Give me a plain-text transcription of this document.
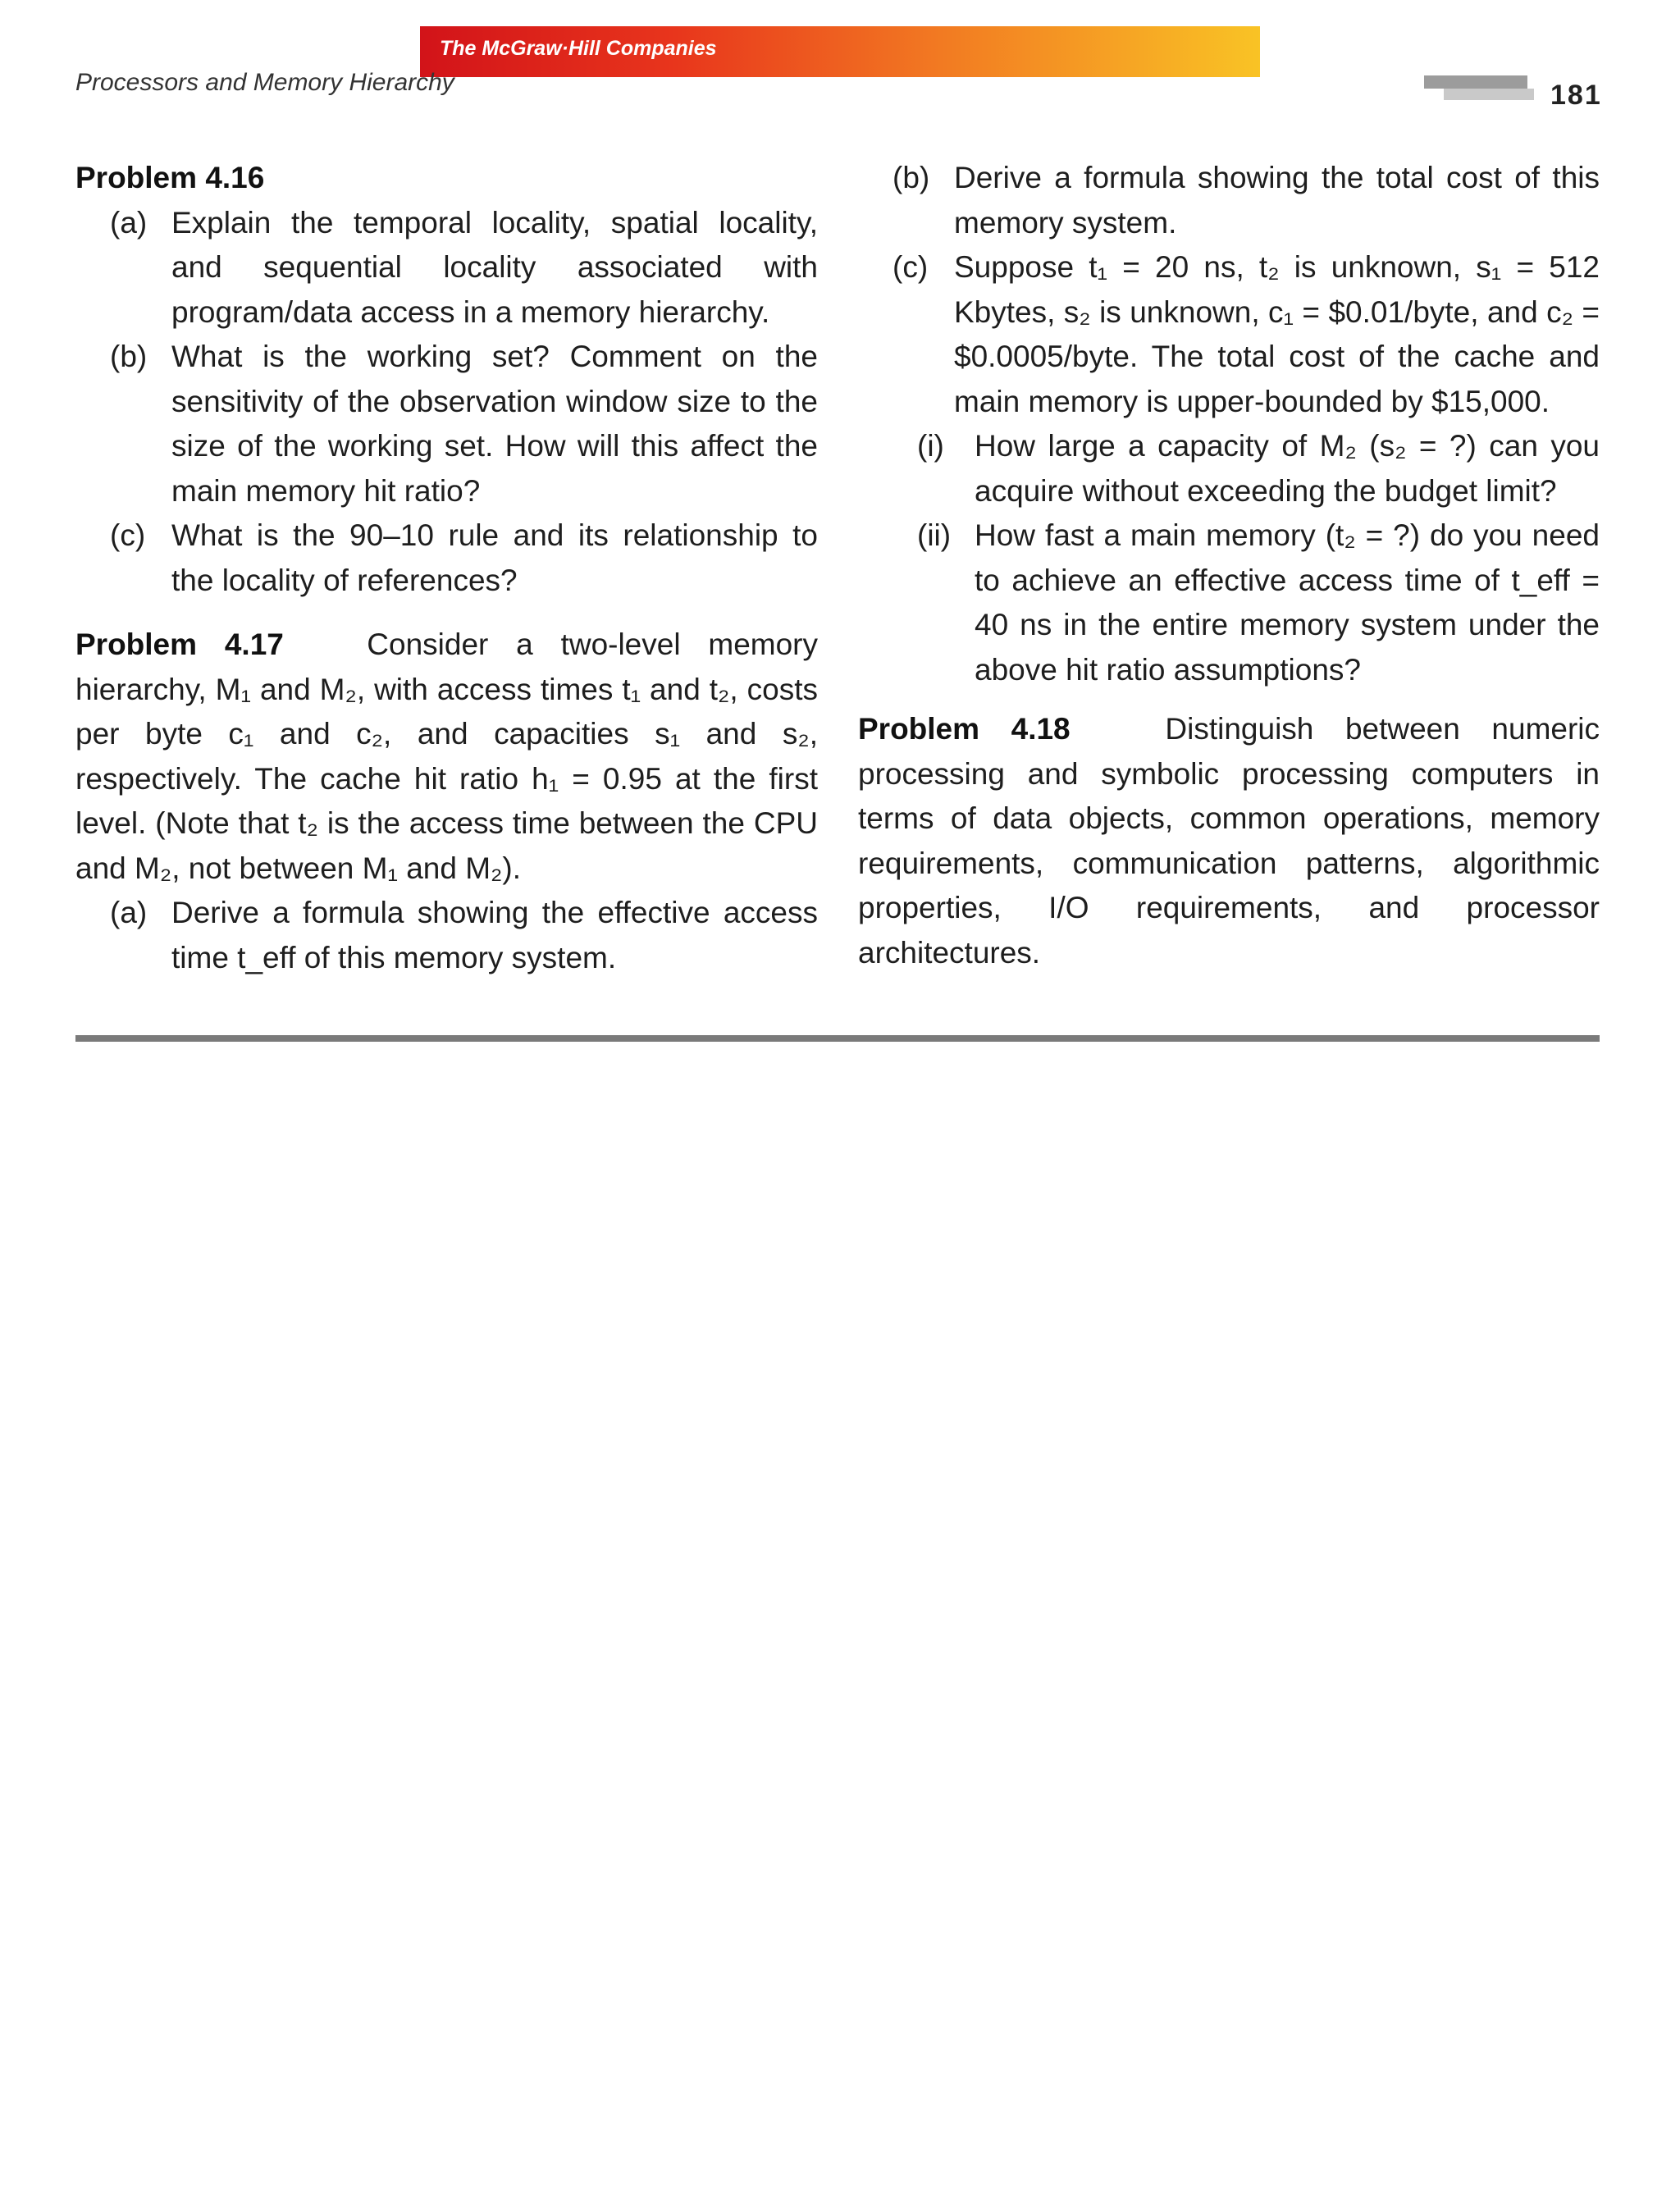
The McGraw·Hill Companies
Processors and Memory Hierarchy	181

Problem 4.16

(a) Explain the temporal locality, spatial locality, and sequential locality associated with program/data access in a memory hierarchy.

(b) What is the working set? Comment on the sensitivity of the observation window size to the size of the working set. How will this affect the main memory hit ratio?

(c) What is the 90–10 rule and its relationship to the locality of references?

Problem 4.17	Consider a two-level memory hierarchy, M₁ and M₂, with access times t₁ and t₂, costs per byte c₁ and c₂, and capacities s₁ and s₂, respectively. The cache hit ratio h₁ = 0.95 at the first level. (Note that t₂ is the access time between the CPU and M₂, not between M₁ and M₂).

(a) Derive a formula showing the effective access time t_eff of this memory system.

(b) Derive a formula showing the total cost of this memory system.

(c) Suppose t₁ = 20 ns, t₂ is unknown, s₁ = 512 Kbytes, s₂ is unknown, c₁ = $0.01/byte, and c₂ = $0.0005/byte. The total cost of the cache and main memory is upper-bounded by $15,000.

(i) How large a capacity of M₂ (s₂ = ?) can you acquire without exceeding the budget limit?

(ii) How fast a main memory (t₂ = ?) do you need to achieve an effective access time of t_eff = 40 ns in the entire memory system under the above hit ratio assumptions?

Problem 4.18	Distinguish between numeric processing and symbolic processing computers in terms of data objects, common operations, memory requirements, communication patterns, algorithmic properties, I/O requirements, and processor architectures.
